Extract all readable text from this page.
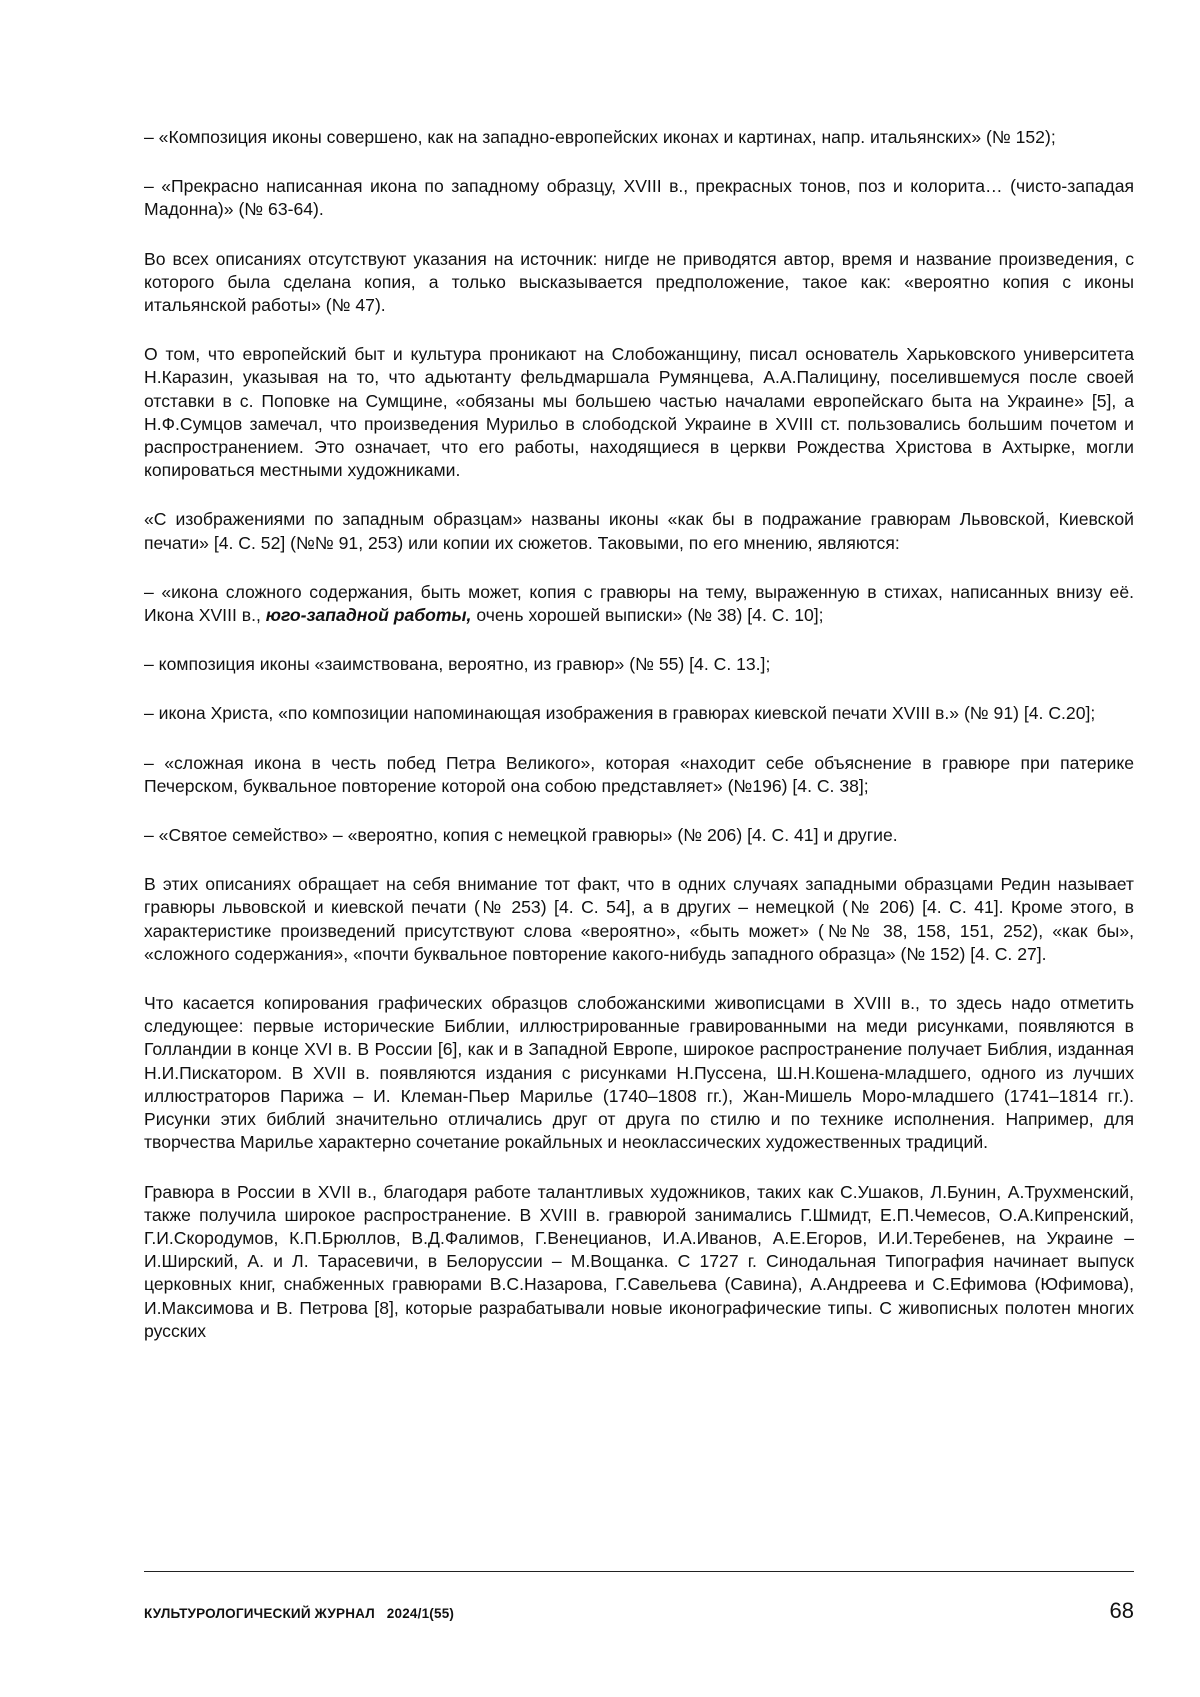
– «Композиция иконы совершено, как на западно-европейских иконах и картинах, напр. итальянских» (№ 152);

– «Прекрасно написанная икона по западному образцу, XVIII в., прекрасных тонов, поз и колорита… (чисто-западая Мадонна)» (№ 63-64).

Во всех описаниях отсутствуют указания на источник: нигде не приводятся автор, время и название произведения, с которого была сделана копия, а только высказывается предположение, такое как: «вероятно копия с иконы итальянской работы» (№ 47).

О том, что европейский быт и культура проникают на Слобожанщину, писал основатель Харьковского университета Н.Каразин, указывая на то, что адьютанту фельдмаршала Румянцева, А.А.Палицину, поселившемуся после своей отставки в с. Поповке на Сумщине, «обязаны мы большею частью началами европейскаго быта на Украине» [5], а Н.Ф.Сумцов замечал, что произведения Мурильо в слободской Украине в XVIII ст. пользовались большим почетом и распространением. Это означает, что его работы, находящиеся в церкви Рождества Христова в Ахтырке, могли копироваться местными художниками.

«С изображениями по западным образцам» названы иконы «как бы в подражание гравюрам Львовской, Киевской печати» [4. С. 52] (№№ 91, 253) или копии их сюжетов. Таковыми, по его мнению, являются:

– «икона сложного содержания, быть может, копия с гравюры на тему, выраженную в стихах, написанных внизу её. Икона XVIII в., юго-западной работы, очень хорошей выписки» (№ 38) [4. С. 10];

– композиция иконы «заимствована, вероятно, из гравюр» (№ 55) [4. С. 13.];

– икона Христа, «по композиции напоминающая изображения в гравюрах киевской печати XVIII в.» (№ 91) [4. С.20];

– «сложная икона в честь побед Петра Великого», которая «находит себе объяснение в гравюре при патерике Печерском, буквальное повторение которой она собою представляет» (№196) [4. С. 38];

– «Святое семейство» – «вероятно, копия с немецкой гравюры» (№ 206) [4. С. 41] и другие.

В этих описаниях обращает на себя внимание тот факт, что в одних случаях западными образцами Редин называет гравюры львовской и киевской печати (№ 253) [4. С. 54], а в других – немецкой (№ 206) [4. С. 41]. Кроме этого, в характеристике произведений присутствуют слова «вероятно», «быть может» (№№ 38, 158, 151, 252), «как бы», «сложного содержания», «почти буквальное повторение какого-нибудь западного образца» (№ 152) [4. С. 27].

Что касается копирования графических образцов слобожанскими живописцами в XVIII в., то здесь надо отметить следующее: первые исторические Библии, иллюстрированные гравированными на меди рисунками, появляются в Голландии в конце XVI в. В России [6], как и в Западной Европе, широкое распространение получает Библия, изданная Н.И.Пискатором. В XVII в. появляются издания с рисунками Н.Пуссена, Ш.Н.Кошена-младшего, одного из лучших иллюстраторов Парижа – И. Клеман-Пьер Марилье (1740–1808 гг.), Жан-Мишель Моро-младшего (1741–1814 гг.). Рисунки этих библий значительно отличались друг от друга по стилю и по технике исполнения. Например, для творчества Марилье характерно сочетание рокайльных и неоклассических художественных традиций.

Гравюра в России в XVII в., благодаря работе талантливых художников, таких как С.Ушаков, Л.Бунин, А.Трухменский, также получила широкое распространение. В XVIII в. гравюрой занимались Г.Шмидт, Е.П.Чемесов, О.А.Кипренский, Г.И.Скородумов, К.П.Брюллов, В.Д.Фалимов, Г.Венецианов, И.А.Иванов, А.Е.Егоров, И.И.Теребенев, на Украине – И.Ширский, А. и Л. Тарасевичи, в Белоруссии – М.Вощанка. С 1727 г. Синодальная Типография начинает выпуск церковных книг, снабженных гравюрами В.С.Назарова, Г.Савельева (Савина), А.Андреева и С.Ефимова (Юфимова), И.Максимова и В. Петрова [8], которые разрабатывали новые иконографические типы. С живописных полотен многих русских

КУЛЬТУРОЛОГИЧЕСКИЙ ЖУРНАЛ   2024/1(55)	68
